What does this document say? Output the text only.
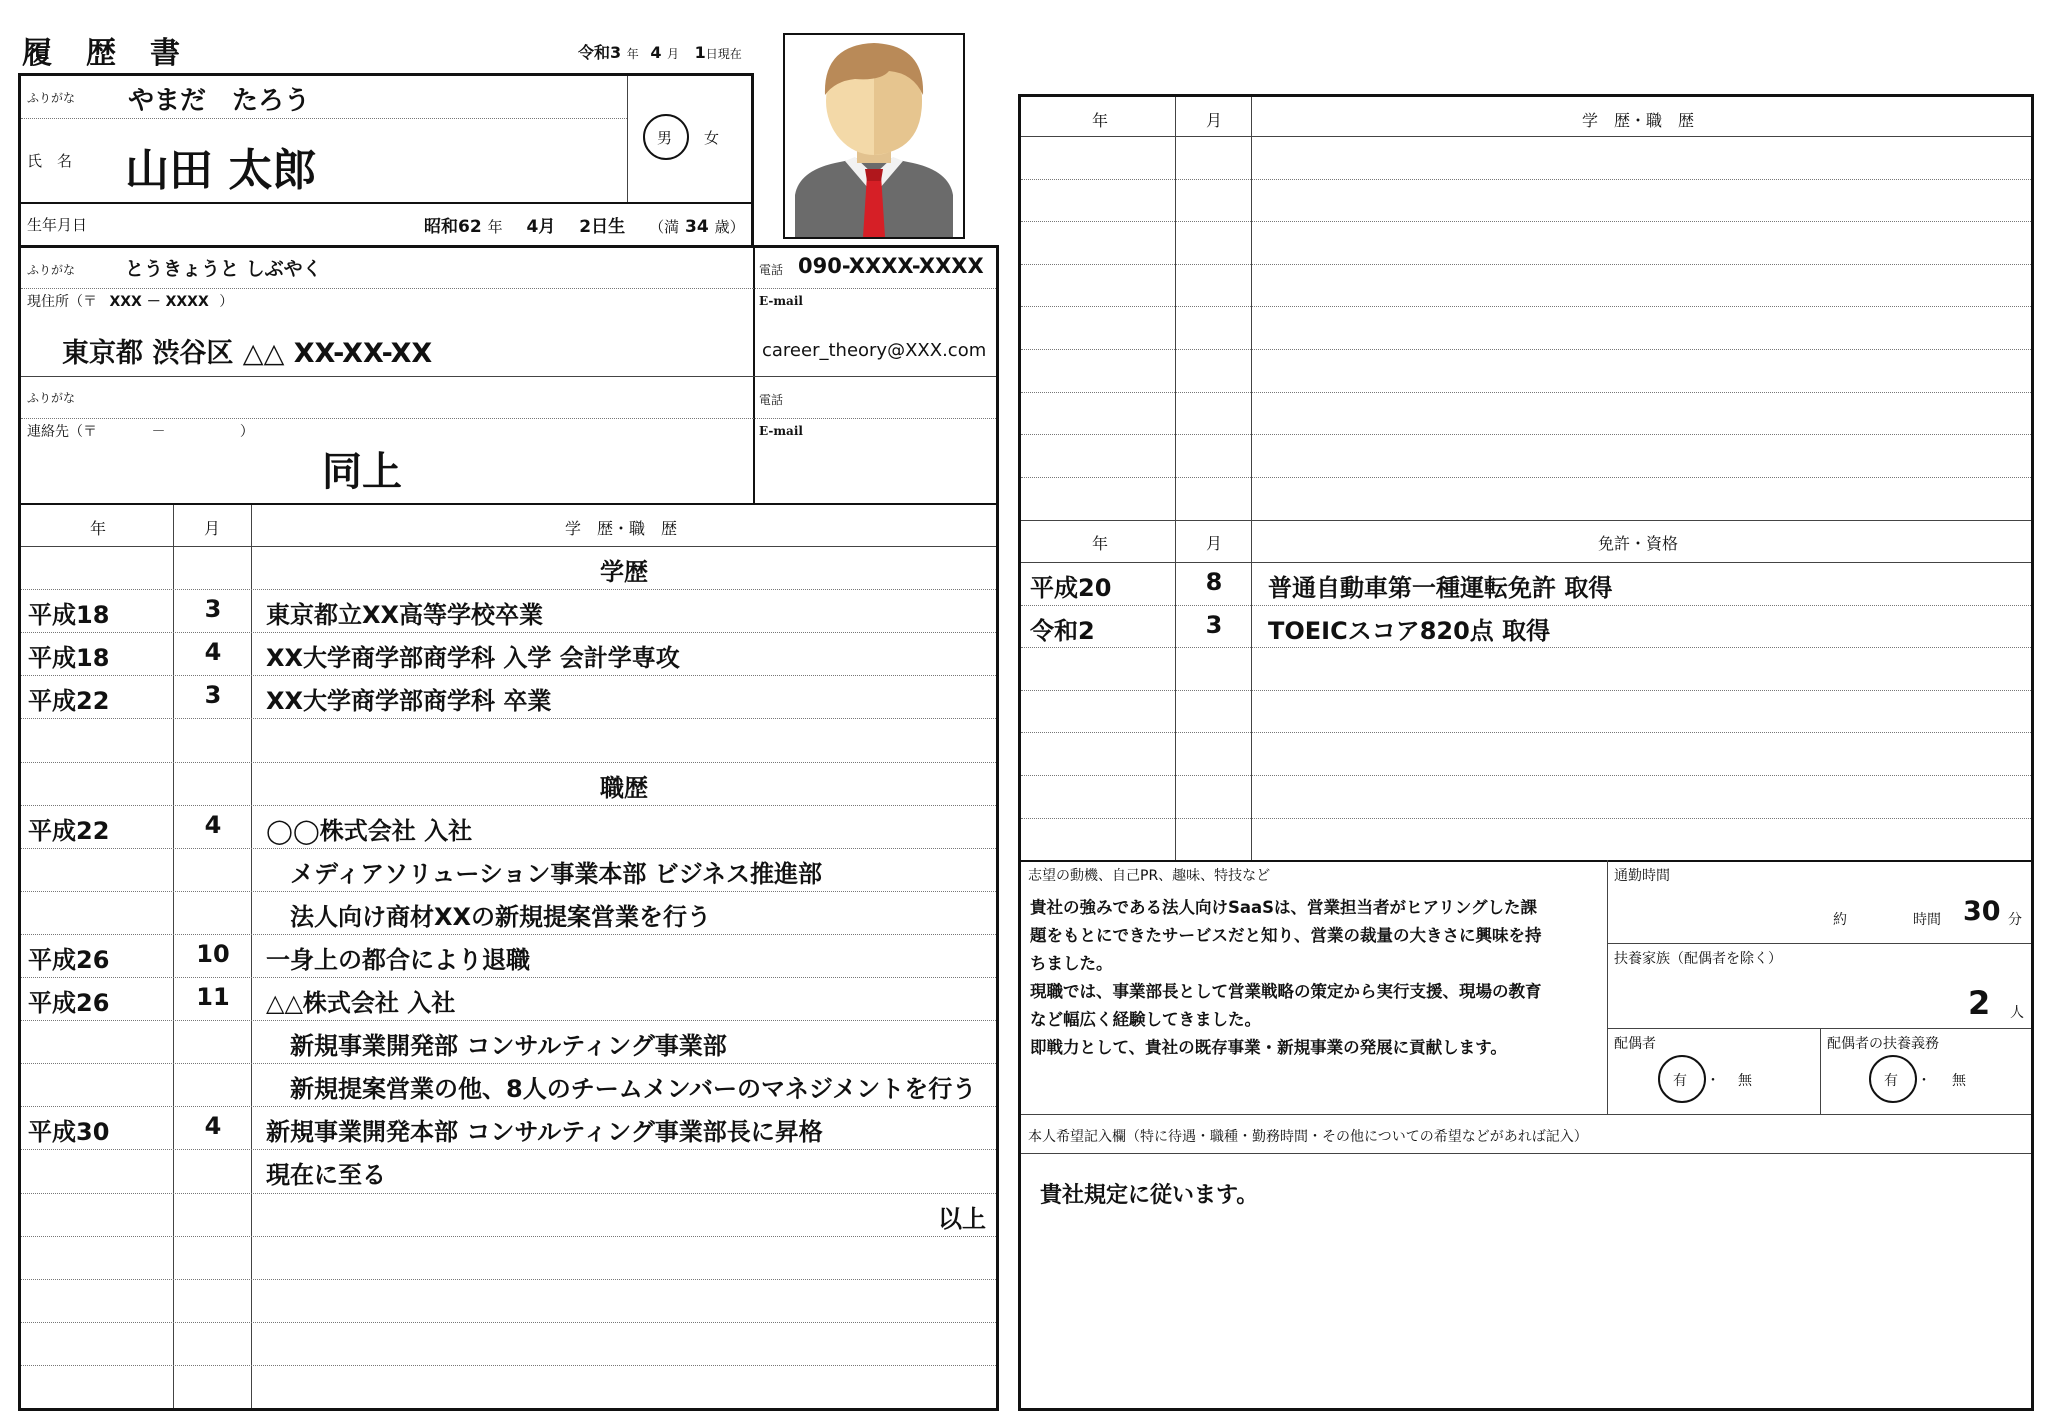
履　歴　書	令和3 年 4 月 1日現在
ふりがな やまだ　たろう
氏　名 山田 太郎
男 女
生年月日	昭和62 年 4月 2日生 （満 34 歳）
ふりがな	とうきょうと しぶやく
現住所（〒 XXX － XXXX ）
東京都 渋谷区 △△ XX-XX-XX
電話 090-XXXX-XXXX
E-mail
career_theory@XXX.com
ふりがな
連絡先（〒	－	）
同上
電話
E-mail
年	月	学　歴・職　歴
学歴
平成18	3	東京都立XX高等学校卒業
平成18	4	XX大学商学部商学科 入学 会計学専攻
平成22	3	XX大学商学部商学科 卒業
職歴
平成22	4	◯◯株式会社 入社
メディアソリューション事業本部 ビジネス推進部
法人向け商材XXの新規提案営業を行う
平成26	10	一身上の都合により退職
平成26	11	△△株式会社 入社
新規事業開発部 コンサルティング事業部
新規提案営業の他、8人のチームメンバーのマネジメントを行う
平成30	4	新規事業開発本部 コンサルティング事業部長に昇格
現在に至る
以上
年	月	学　歴・職　歴
年	月	免許・資格
平成20	8	普通自動車第一種運転免許 取得
令和2	3	TOEICスコア820点 取得
志望の動機、自己PR、趣味、特技など
貴社の強みである法人向けSaaSは、営業担当者がヒアリングした課
題をもとにできたサービスだと知り、営業の裁量の大きさに興味を持
ちました。
現職では、事業部長として営業戦略の策定から実行支援、現場の教育
など幅広く経験してきました。
即戦力として、貴社の既存事業・新規事業の発展に貢献します。
通勤時間
約	時間 30 分
扶養家族（配偶者を除く）
2 人
配偶者
有 ・ 無
配偶者の扶養義務
有 ・ 無
本人希望記入欄（特に待遇・職種・勤務時間・その他についての希望などがあれば記入）
貴社規定に従います。
